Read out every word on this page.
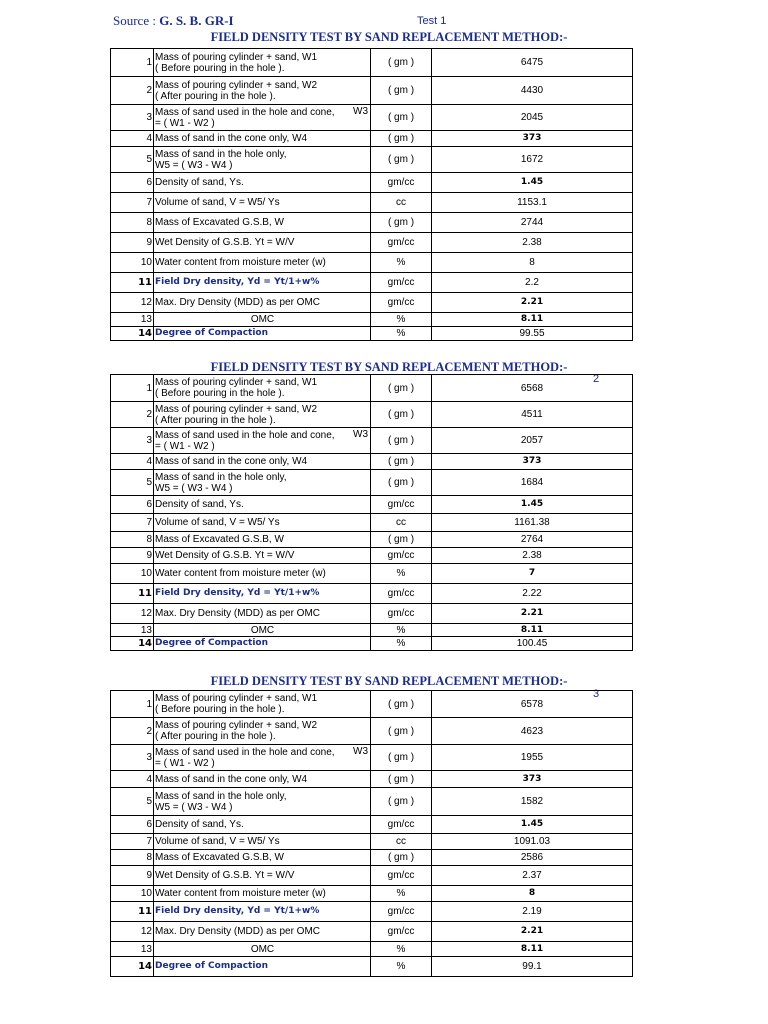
Source : G. S. B. GR-I	Test 1
FIELD DENSITY TEST BY SAND REPLACEMENT METHOD:-
1	Mass of pouring cylinder + sand, W1
( Before pouring in the hole ).	( gm )	6475
2	Mass of pouring cylinder + sand, W2
( After pouring in the hole ).	( gm )	4430
3	Mass of sand used in the hole and cone, W3
= ( W1 - W2 )	( gm )	2045
4	Mass of sand in the cone only, W4	( gm )	373
5	Mass of sand in the hole only,
W5 = ( W3 - W4 )	( gm )	1672
6	Density of sand, Ys.	gm/cc	1.45
7	Volume of sand, V = W5/ Ys	cc	1153.1
8	Mass of Excavated G.S.B, W	( gm )	2744
9	Wet Density of G.S.B. Yt = W/V	gm/cc	2.38
10	Water content from moisture meter (w)	%	8
11	Field Dry density, Yd = Yt/1+w%	gm/cc	2.2
12	Max. Dry Density (MDD) as per OMC	gm/cc	2.21
13	OMC	%	8.11
14	Degree of Compaction	%	99.55
FIELD DENSITY TEST BY SAND REPLACEMENT METHOD:-
2
1	Mass of pouring cylinder + sand, W1
( Before pouring in the hole ).	( gm )	6568
2	Mass of pouring cylinder + sand, W2
( After pouring in the hole ).	( gm )	4511
3	Mass of sand used in the hole and cone, W3
= ( W1 - W2 )	( gm )	2057
4	Mass of sand in the cone only, W4	( gm )	373
5	Mass of sand in the hole only,
W5 = ( W3 - W4 )	( gm )	1684
6	Density of sand, Ys.	gm/cc	1.45
7	Volume of sand, V = W5/ Ys	cc	1161.38
8	Mass of Excavated G.S.B, W	( gm )	2764
9	Wet Density of G.S.B. Yt = W/V	gm/cc	2.38
10	Water content from moisture meter (w)	%	7
11	Field Dry density, Yd = Yt/1+w%	gm/cc	2.22
12	Max. Dry Density (MDD) as per OMC	gm/cc	2.21
13	OMC	%	8.11
14	Degree of Compaction	%	100.45
FIELD DENSITY TEST BY SAND REPLACEMENT METHOD:-
3
1	Mass of pouring cylinder + sand, W1
( Before pouring in the hole ).	( gm )	6578
2	Mass of pouring cylinder + sand, W2
( After pouring in the hole ).	( gm )	4623
3	Mass of sand used in the hole and cone, W3
= ( W1 - W2 )	( gm )	1955
4	Mass of sand in the cone only, W4	( gm )	373
5	Mass of sand in the hole only,
W5 = ( W3 - W4 )	( gm )	1582
6	Density of sand, Ys.	gm/cc	1.45
7	Volume of sand, V = W5/ Ys	cc	1091.03
8	Mass of Excavated G.S.B, W	( gm )	2586
9	Wet Density of G.S.B. Yt = W/V	gm/cc	2.37
10	Water content from moisture meter (w)	%	8
11	Field Dry density, Yd = Yt/1+w%	gm/cc	2.19
12	Max. Dry Density (MDD) as per OMC	gm/cc	2.21
13	OMC	%	8.11
14	Degree of Compaction	%	99.1
